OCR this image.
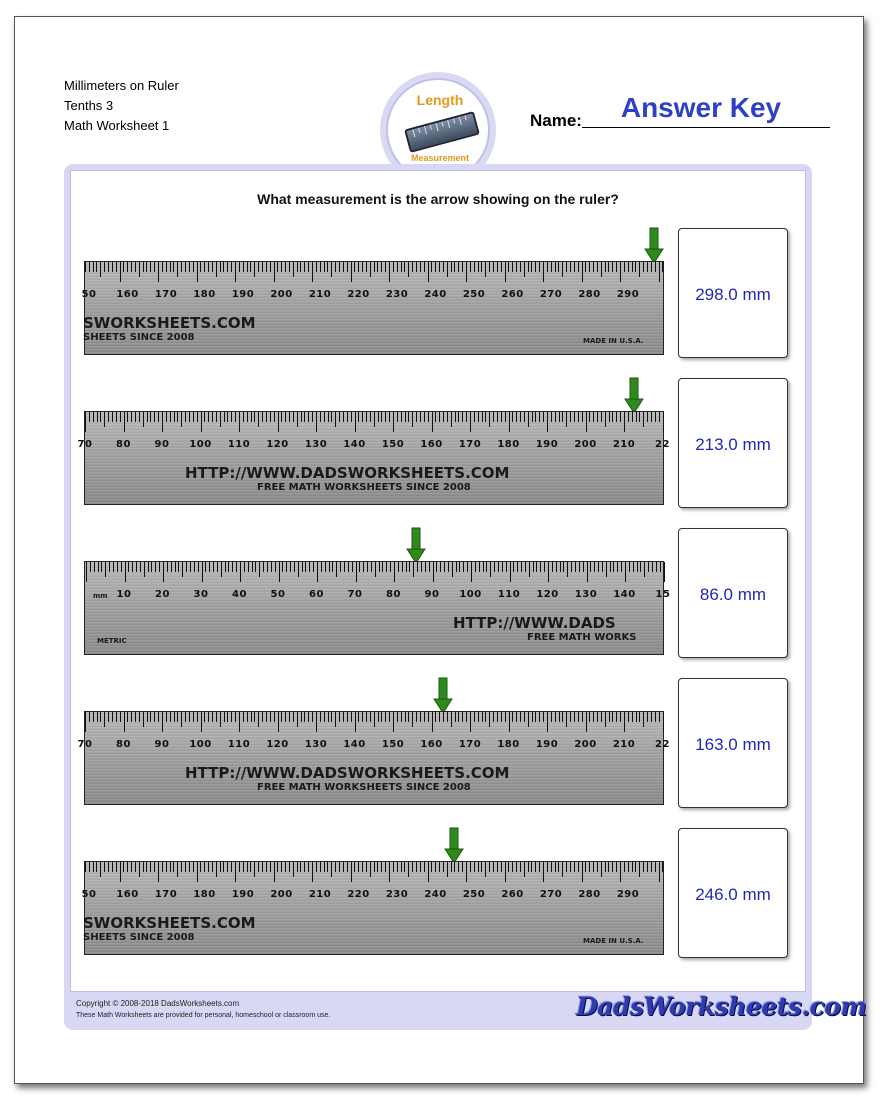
Millimeters on Ruler
Tenths 3
Math Worksheet 1
Length
Measurement
Name:	Answer Key
What measurement is the arrow showing on the ruler?
50	160	170	180	190	200	210	220	230	240	250	260	270	280	290
SWORKSHEETS.COM
SHEETS SINCE 2008	MADE IN U.S.A.
298.0 mm
70	80	90	100	110	120	130	140	150	160	170	180	190	200	210	22
HTTP://WWW.DADSWORKSHEETS.COM
FREE MATH WORKSHEETS SINCE 2008
213.0 mm
10	20	30	40	50	60	70	80	90	100	110	120	130	140	15
mm
HTTP://WWW.DADS
FREE MATH WORKS
METRIC
86.0 mm
70	80	90	100	110	120	130	140	150	160	170	180	190	200	210	22
HTTP://WWW.DADSWORKSHEETS.COM
FREE MATH WORKSHEETS SINCE 2008
163.0 mm
50	160	170	180	190	200	210	220	230	240	250	260	270	280	290
SWORKSHEETS.COM
SHEETS SINCE 2008	MADE IN U.S.A.
246.0 mm
Copyright © 2008-2018 DadsWorksheets.com
These Math Worksheets are provided for personal, homeschool or classroom use.	DadsWorksheets.com
